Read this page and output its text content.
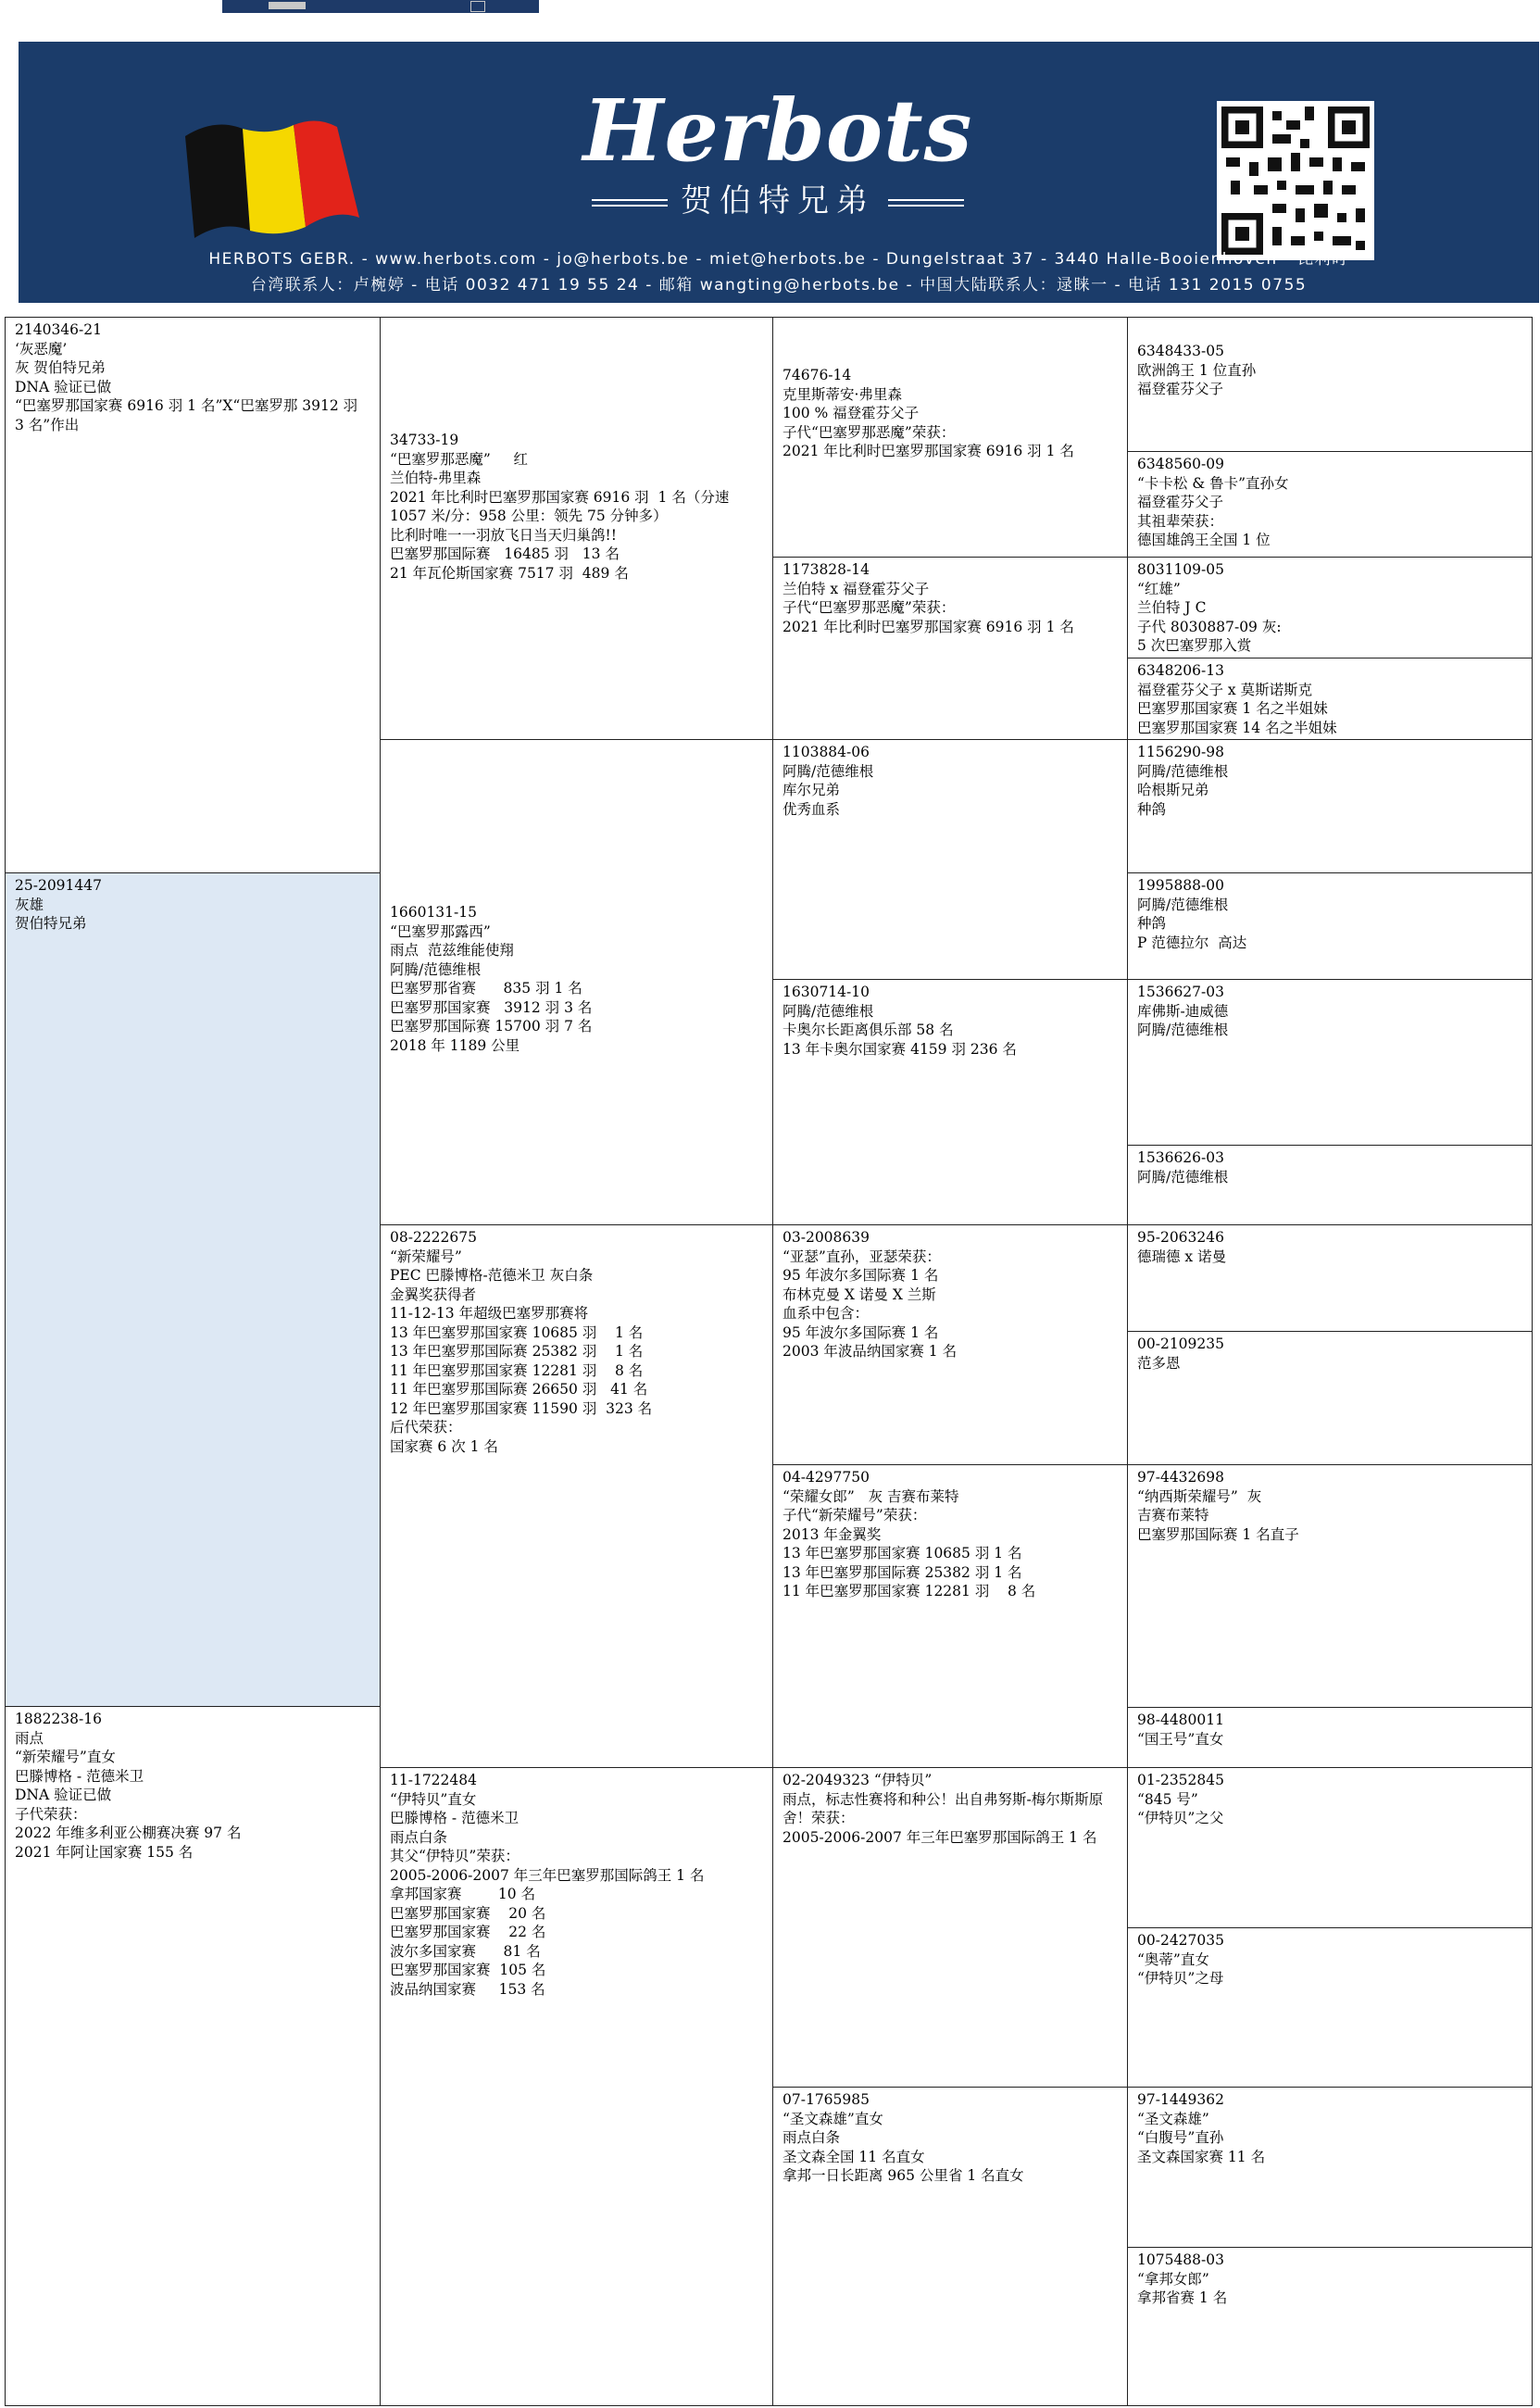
Herbots
贺伯特兄弟
HERBOTS GEBR. - www.herbots.com - jo@herbots.be - miet@herbots.be - Dungelstraat 37 - 3440 Halle-Booienhoven - 比利时
台湾联系人：卢椀婷 - 电话 0032 471 19 55 24 - 邮箱 wangting@herbots.be - 中国大陆联系人：逯睐一 - 电话 131 2015 0755
2140346-21
‘灰恶魔’
灰 贺伯特兄弟
DNA 验证已做
“巴塞罗那国家赛 6916 羽 1 名”X“巴塞罗那 3912 羽 3 名”作出
25-2091447
灰雄
贺伯特兄弟
1882238-16
雨点
“新荣耀号”直女
巴滕博格 - 范德米卫
DNA 验证已做
子代荣获：
2022 年维多利亚公棚赛决赛 97 名
2021 年阿让国家赛 155 名
34733-19
“巴塞罗那恶魔”     红
兰伯特-弗里森
2021 年比利时巴塞罗那国家赛 6916 羽  1 名（分速 1057 米/分：958 公里：领先 75 分钟多）
比利时唯一一羽放飞日当天归巢鸽!!
巴塞罗那国际赛   16485 羽   13 名
21 年瓦伦斯国家赛 7517 羽  489 名
1660131-15
“巴塞罗那露西”
雨点  范兹维能使翔
阿腾/范德维根
巴塞罗那省赛      835 羽 1 名
巴塞罗那国家赛   3912 羽 3 名
巴塞罗那国际赛 15700 羽 7 名
2018 年 1189 公里
08-2222675
“新荣耀号”
PEC 巴滕博格-范德米卫 灰白条
金翼奖获得者
11-12-13 年超级巴塞罗那赛将
13 年巴塞罗那国家赛 10685 羽    1 名
13 年巴塞罗那国际赛 25382 羽    1 名
11 年巴塞罗那国家赛 12281 羽    8 名
11 年巴塞罗那国际赛 26650 羽   41 名
12 年巴塞罗那国家赛 11590 羽  323 名
后代荣获：
国家赛 6 次 1 名
11-1722484
“伊特贝”直女
巴滕博格 - 范德米卫
雨点白条
其父“伊特贝”荣获：
2005-2006-2007 年三年巴塞罗那国际鸽王 1 名
拿邦国家赛        10 名
巴塞罗那国家赛    20 名
巴塞罗那国家赛    22 名
波尔多国家赛      81 名
巴塞罗那国家赛  105 名
波品纳国家赛     153 名
74676-14
克里斯蒂安·弗里森
100 % 福登霍芬父子
子代“巴塞罗那恶魔”荣获：
2021 年比利时巴塞罗那国家赛 6916 羽 1 名
1173828-14
兰伯特 x 福登霍芬父子
子代“巴塞罗那恶魔”荣获：
2021 年比利时巴塞罗那国家赛 6916 羽 1 名
1103884-06
阿腾/范德维根
库尔兄弟
优秀血系
1630714-10
阿腾/范德维根
卡奥尔长距离俱乐部 58 名
13 年卡奥尔国家赛 4159 羽 236 名
03-2008639
“亚瑟”直孙，亚瑟荣获：
95 年波尔多国际赛 1 名
布林克曼 X 诺曼 X 兰斯
血系中包含：
95 年波尔多国际赛 1 名
2003 年波品纳国家赛 1 名
04-4297750
“荣耀女郎”   灰 吉赛布莱特
子代“新荣耀号”荣获：
2013 年金翼奖
13 年巴塞罗那国家赛 10685 羽 1 名
13 年巴塞罗那国际赛 25382 羽 1 名
11 年巴塞罗那国家赛 12281 羽    8 名
02-2049323 “伊特贝”
雨点，标志性赛将和种公！出自弗努斯-梅尔斯斯原舍！荣获：
2005-2006-2007 年三年巴塞罗那国际鸽王 1 名
07-1765985
“圣文森雄”直女
雨点白条
圣文森全国 11 名直女
拿邦一日长距离 965 公里省 1 名直女
6348433-05
欧洲鸽王 1 位直孙
福登霍芬父子
6348560-09
“卡卡松 & 鲁卡”直孙女
福登霍芬父子
其祖辈荣获：
德国雄鸽王全国 1 位
8031109-05
“红雄”
兰伯特 J C
子代 8030887-09 灰:
5 次巴塞罗那入赏
6348206-13
福登霍芬父子 x 莫斯诺斯克
巴塞罗那国家赛 1 名之半姐妹
巴塞罗那国家赛 14 名之半姐妹
1156290-98
阿腾/范德维根
哈根斯兄弟
种鸽
1995888-00
阿腾/范德维根
种鸽
P 范德拉尔  高达
1536627-03
库佛斯-迪威德
阿腾/范德维根
1536626-03
阿腾/范德维根
95-2063246
德瑞德 x 诺曼
00-2109235
范多恩
97-4432698
“纳西斯荣耀号”  灰
吉赛布莱特
巴塞罗那国际赛 1 名直子
98-4480011
“国王号”直女
01-2352845
“845 号”
“伊特贝”之父
00-2427035
“奥蒂”直女
“伊特贝”之母
97-1449362
“圣文森雄”
“白腹号”直孙
圣文森国家赛 11 名
1075488-03
“拿邦女郎”
拿邦省赛 1 名
